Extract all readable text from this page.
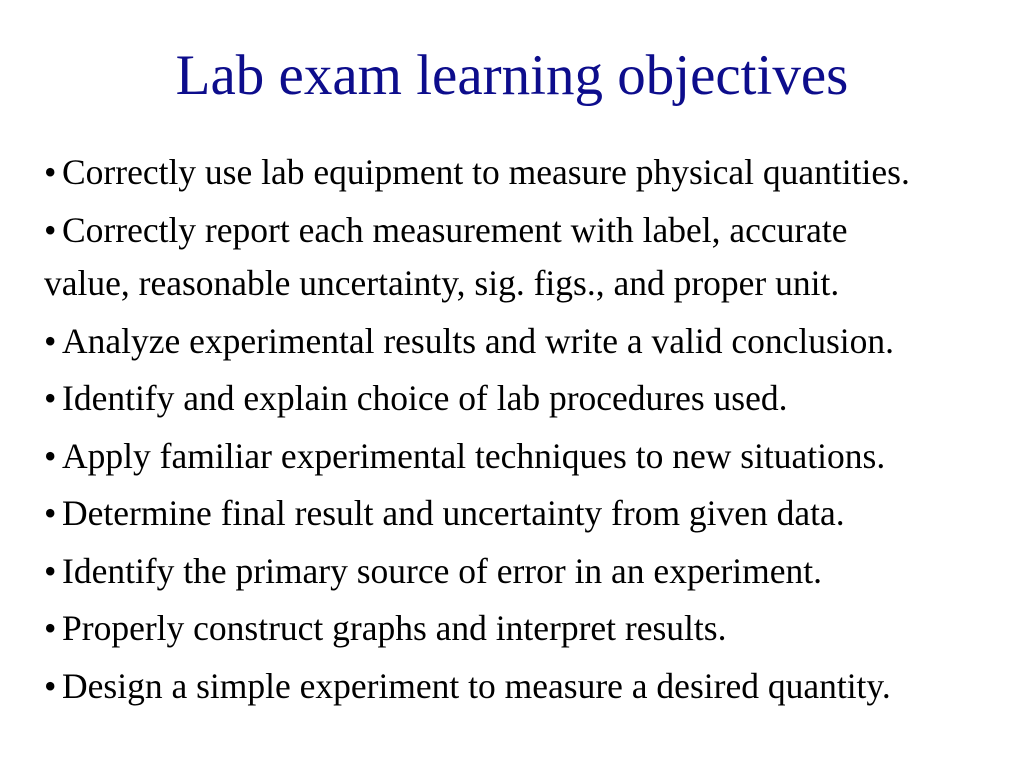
Lab exam learning objectives
• Correctly use lab equipment to measure physical quantities.
• Correctly report each measurement with label, accurate
value, reasonable uncertainty, sig. figs., and proper unit.
• Analyze experimental results and write a valid conclusion.
• Identify and explain choice of lab procedures used.
• Apply familiar experimental techniques to new situations.
• Determine final result and uncertainty from given data.
• Identify the primary source of error in an experiment.
• Properly construct graphs and interpret results.
• Design a simple experiment to measure a desired quantity.
